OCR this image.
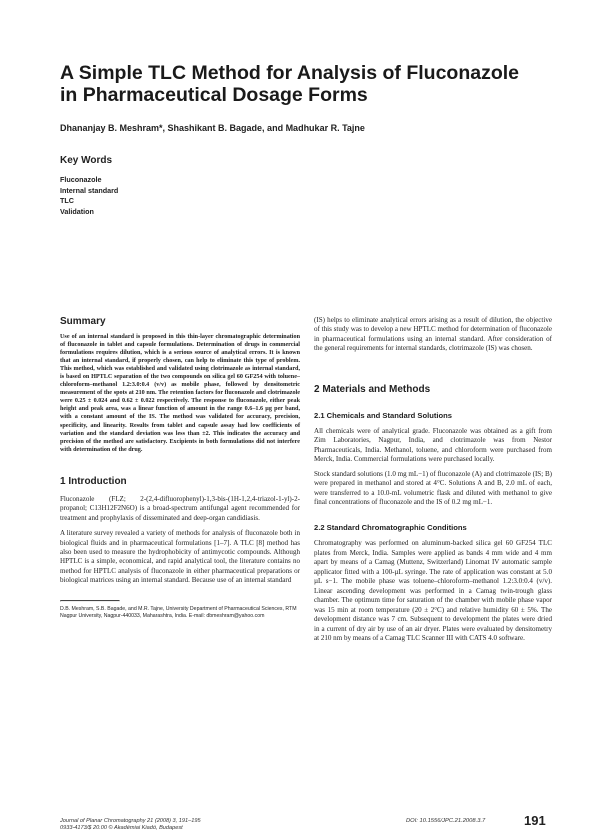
A Simple TLC Method for Analysis of Fluconazole
in Pharmaceutical Dosage Forms
Dhananjay B. Meshram*, Shashikant B. Bagade, and Madhukar R. Tajne
Key Words
Fluconazole
Internal standard
TLC
Validation
Summary

Use of an internal standard is proposed in this thin-layer chromatographic determination of fluconazole in tablet and capsule formulations. Determination of drugs in commercial formulations requires dilution, which is a serious source of analytical errors. It is known that an internal standard, if properly chosen, can help to eliminate this type of problem. This method, which was established and validated using clotrimazole as internal standard, is based on HPTLC separation of the two compounds on silica gel 60 GF254 with toluene–chloroform–methanol 1.2:3.0:0.4 (v/v) as mobile phase, followed by densitometric measurement of the spots at 210 nm. The retention factors for fluconazole and clotrimazole were 0.25 ± 0.024 and 0.62 ± 0.022 respectively. The response to fluconazole, either peak height and peak area, was a linear function of amount in the range 0.6–1.6 µg per band, with a constant amount of the IS. The method was validated for accuracy, precision, specificity, and linearity. Results from tablet and capsule assay had low coefficients of variation and the standard deviation was less than ±2. This indicates the accuracy and precision of the method are satisfactory. Excipients in both formulations did not interfere with determination of the drug.

1 Introduction

Fluconazole (FLZ; 2-(2,4-difluorophenyl)-1,3-bis-(1H-1,2,4-triazol-1-yl)-2-propanol; C13H12F2N6O) is a broad-spectrum antifungal agent recommended for treatment and prophylaxis of disseminated and deep-organ candidiasis.

A literature survey revealed a variety of methods for analysis of fluconazole both in biological fluids and in pharmaceutical formulations [1–7]. A TLC [8] method has also been used to measure the hydrophobicity of antimycotic compounds. Although HPTLC is a simple, economical, and rapid analytical tool, the literature contains no method for HPTLC analysis of fluconazole in either pharmaceutical preparations or biological matrices using an internal standard. Because use of an internal standard

D.B. Meshram, S.B. Bagade, and M.R. Tajne, University Department of Pharmaceutical Sciences, RTM Nagpur University, Nagpur-440033, Maharashtra, India. E-mail: dbmeshram@yahoo.com

(IS) helps to eliminate analytical errors arising as a result of dilution, the objective of this study was to develop a new HPTLC method for determination of fluconazole in pharmaceutical formulations using an internal standard. After consideration of the general requirements for internal standards, clotrimazole (IS) was chosen.

2 Materials and Methods
2.1 Chemicals and Standard Solutions

All chemicals were of analytical grade. Fluconazole was obtained as a gift from Zim Laboratories, Nagpur, India, and clotrimazole was from Nestor Pharmaceuticals, India. Methanol, toluene, and chloroform were purchased from Merck, India. Commercial formulations were purchased locally.

Stock standard solutions (1.0 mg mL−1) of fluconazole (A) and clotrimazole (IS; B) were prepared in methanol and stored at 4°C. Solutions A and B, 2.0 mL of each, were transferred to a 10.0-mL volumetric flask and diluted with methanol to give final concentrations of fluconazole and the IS of 0.2 mg mL−1.

2.2 Standard Chromatographic Conditions

Chromatography was performed on aluminum-backed silica gel 60 GF254 TLC plates from Merck, India. Samples were applied as bands 4 mm wide and 4 mm apart by means of a Camag (Muttenz, Switzerland) Linomat IV automatic sample applicator fitted with a 100-µL syringe. The rate of application was constant at 5.0 µL s−1. The mobile phase was toluene–chloroform–methanol 1.2:3.0:0.4 (v/v). Linear ascending development was performed in a Camag twin-trough glass chamber. The optimum time for saturation of the chamber with mobile phase vapor was 15 min at room temperature (20 ± 2°C) and relative humidity 60 ± 5%. The development distance was 7 cm. Subsequent to development the plates were dried in a current of dry air by use of an air dryer. Plates were evaluated by densitometry at 210 nm by means of a Camag TLC Scanner III with CATS 4.0 software.

Journal of Planar Chromatography 21 (2008) 3, 191–195
0933-4173/$ 20.00 © Akadémiai Kiadó, Budapest
DOI: 10.1556/JPC.21.2008.3.7	191
